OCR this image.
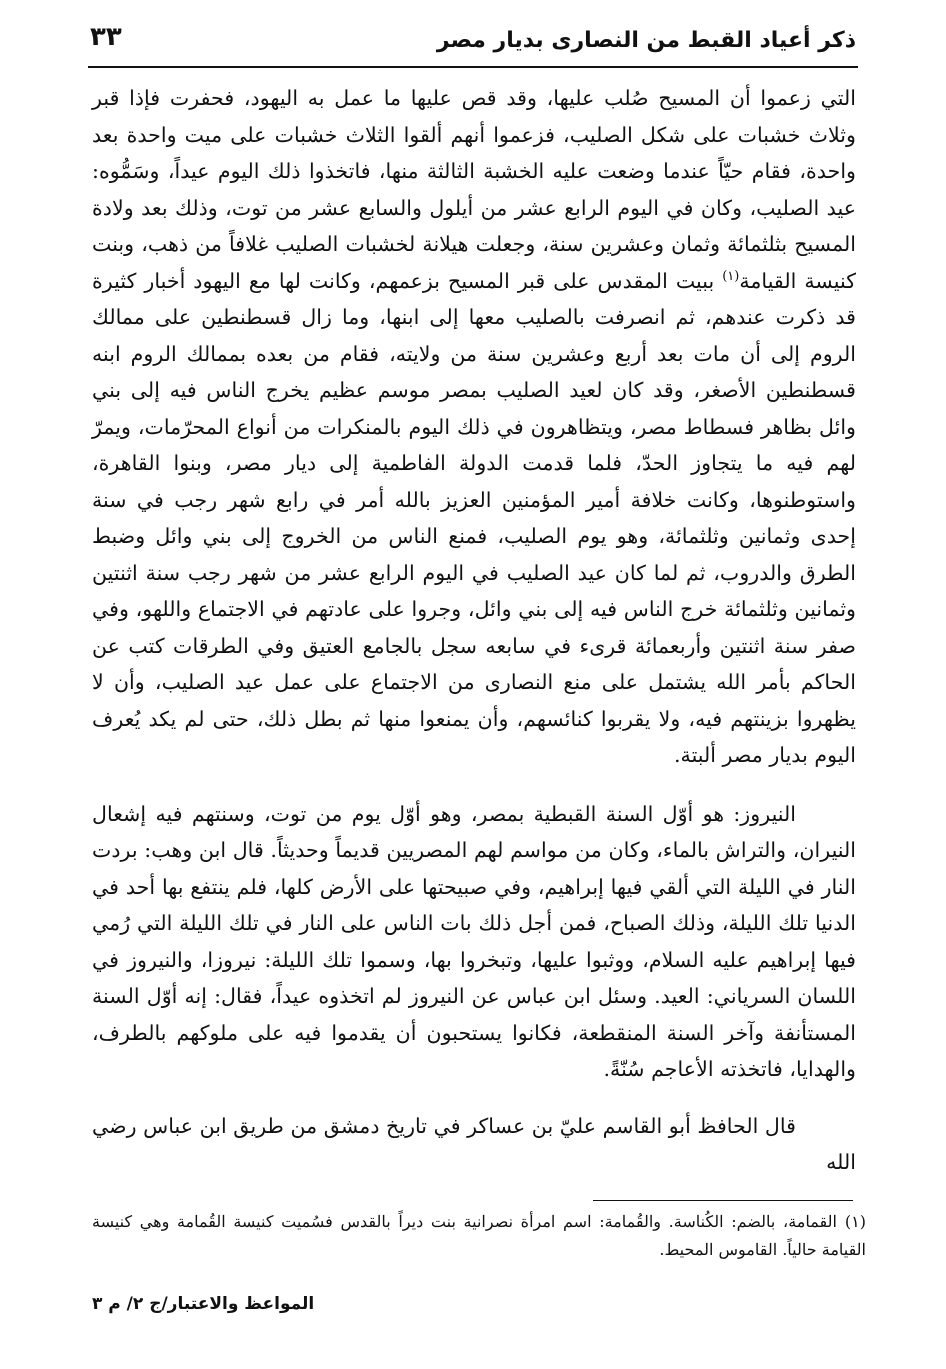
ذكر أعياد القبط من النصارى بديار مصر
٣٣

التي زعموا أن المسيح صُلب عليها، وقد قص عليها ما عمل به اليهود، فحفرت فإذا قبر وثلاث خشبات على شكل الصليب، فزعموا أنهم ألقوا الثلاث خشبات على ميت واحدة بعد واحدة، فقام حيّاً عندما وضعت عليه الخشبة الثالثة منها، فاتخذوا ذلك اليوم عيداً، وسَمُّوه: عيد الصليب، وكان في اليوم الرابع عشر من أيلول والسابع عشر من توت، وذلك بعد ولادة المسيح بثلثمائة وثمان وعشرين سنة، وجعلت هيلانة لخشبات الصليب غلافاً من ذهب، وبنت كنيسة القيامة$^{(١)}$ ببيت المقدس على قبر المسيح بزعمهم، وكانت لها مع اليهود أخبار كثيرة قد ذكرت عندهم، ثم انصرفت بالصليب معها إلى ابنها، وما زال قسطنطين على ممالك الروم إلى أن مات بعد أربع وعشرين سنة من ولايته، فقام من بعده بممالك الروم ابنه قسطنطين الأصغر، وقد كان لعيد الصليب بمصر موسم عظيم يخرج الناس فيه إلى بني وائل بظاهر فسطاط مصر، ويتظاهرون في ذلك اليوم بالمنكرات من أنواع المحرّمات، ويمرّ لهم فيه ما يتجاوز الحدّ، فلما قدمت الدولة الفاطمية إلى ديار مصر، وبنوا القاهرة، واستوطنوها، وكانت خلافة أمير المؤمنين العزيز بالله أمر في رابع شهر رجب في سنة إحدى وثمانين وثلثمائة، وهو يوم الصليب، فمنع الناس من الخروج إلى بني وائل وضبط الطرق والدروب، ثم لما كان عيد الصليب في اليوم الرابع عشر من شهر رجب سنة اثنتين وثمانين وثلثمائة خرج الناس فيه إلى بني وائل، وجروا على عادتهم في الاجتماع واللهو، وفي صفر سنة اثنتين وأربعمائة قرىء في سابعه سجل بالجامع العتيق وفي الطرقات كتب عن الحاكم بأمر الله يشتمل على منع النصارى من الاجتماع على عمل عيد الصليب، وأن لا يظهروا بزينتهم فيه، ولا يقربوا كنائسهم، وأن يمنعوا منها ثم بطل ذلك، حتى لم يكد يُعرف اليوم بديار مصر ألبتة.

النيروز: هو أوّل السنة القبطية بمصر، وهو أوّل يوم من توت، وسنتهم فيه إشعال النيران، والتراش بالماء، وكان من مواسم لهم المصريين قديماً وحديثاً. قال ابن وهب: بردت النار في الليلة التي ألقي فيها إبراهيم، وفي صبيحتها على الأرض كلها، فلم ينتفع بها أحد في الدنيا تلك الليلة، وذلك الصباح، فمن أجل ذلك بات الناس على النار في تلك الليلة التي رُمي فيها إبراهيم عليه السلام، ووثبوا عليها، وتبخروا بها، وسموا تلك الليلة: نيروزا، والنيروز في اللسان السرياني: العيد. وسئل ابن عباس عن النيروز لم اتخذوه عيداً، فقال: إنه أوّل السنة المستأنفة وآخر السنة المنقطعة، فكانوا يستحبون أن يقدموا فيه على ملوكهم بالطرف، والهدايا، فاتخذته الأعاجم سُنّةً.

قال الحافظ أبو القاسم عليّ بن عساكر في تاريخ دمشق من طريق ابن عباس رضي الله

(١)القمامة، بالضم: الكُناسة. والقُمامة: اسم امرأة نصرانية بنت ديراً بالقدس فسُميت كنيسة القُمامة وهي كنيسة القيامة حالياً. القاموس المحيط.
المواعظ والاعتبار/ج ٢/ م ٣
